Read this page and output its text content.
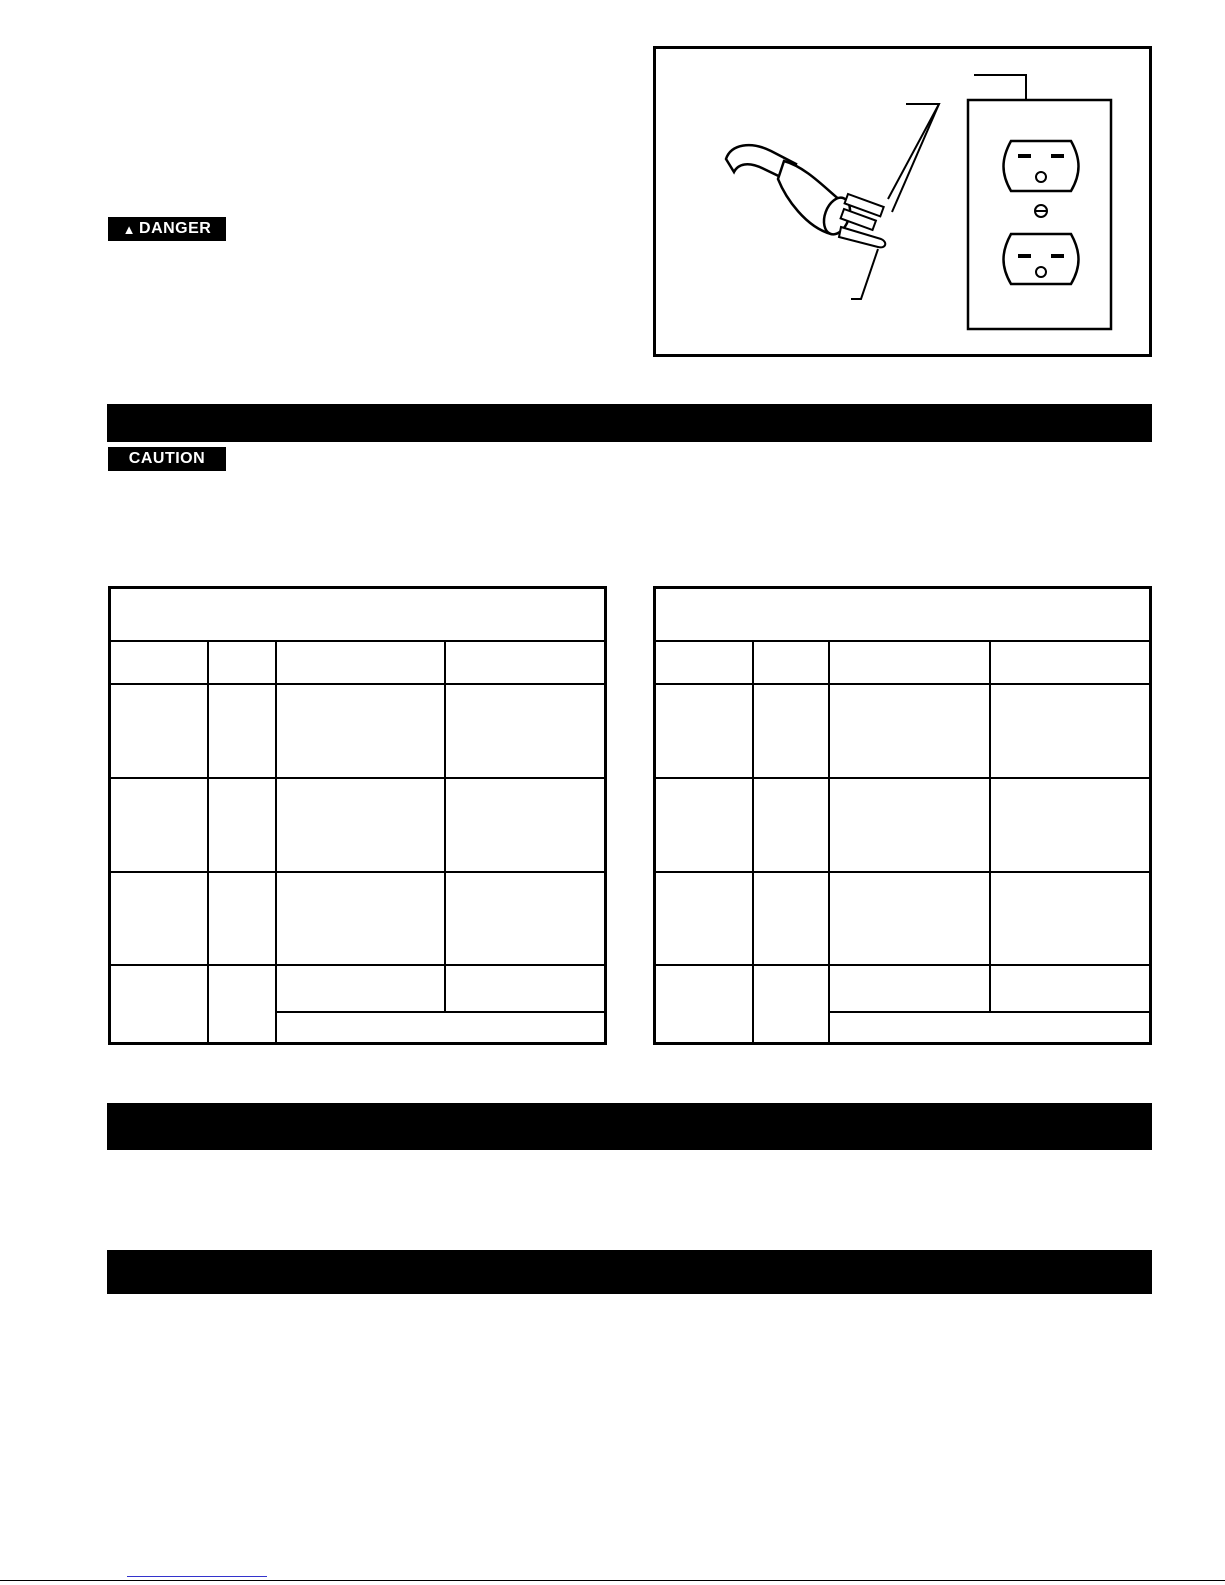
▲ DANGER
CAUTION
